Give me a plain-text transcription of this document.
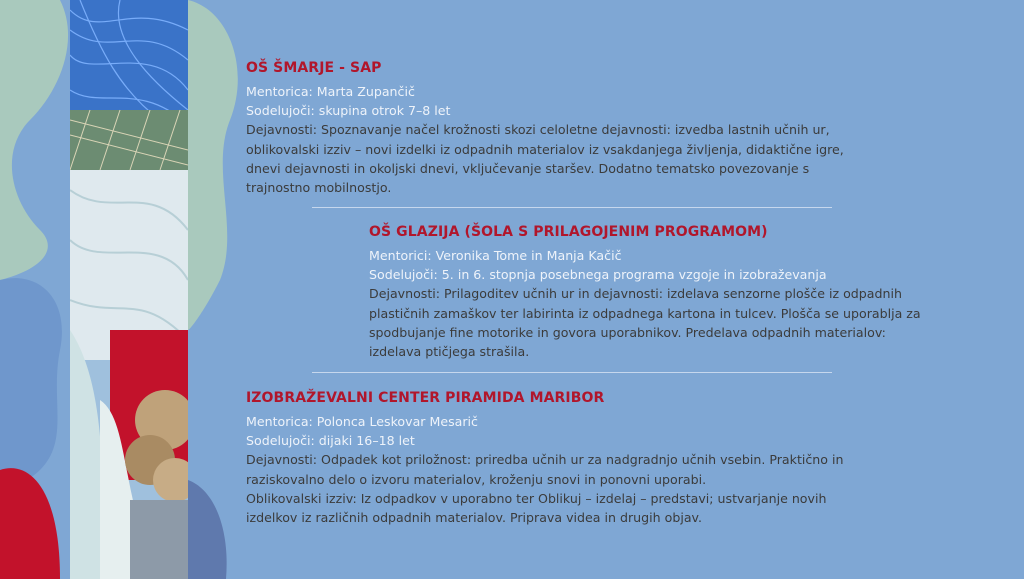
OŠ ŠMARJE - SAP

Mentorica: Marta Zupančič

Sodelujoči: skupina otrok 7–8 let

Dejavnosti: Spoznavanje načel krožnosti skozi celoletne dejavnosti: izvedba lastnih učnih ur,

oblikovalski izziv – novi izdelki iz odpadnih materialov iz vsakdanjega življenja, didaktične igre,

dnevi dejavnosti in okoljski dnevi, vključevanje staršev. Dodatno tematsko povezovanje s

trajnostno mobilnostjo.

OŠ GLAZIJA (ŠOLA S PRILAGOJENIM PROGRAMOM)

Mentorici: Veronika Tome in Manja Kačič

Sodelujoči: 5. in 6. stopnja posebnega programa vzgoje in izobraževanja

Dejavnosti: Prilagoditev učnih ur in dejavnosti: izdelava senzorne plošče iz odpadnih

plastičnih zamaškov ter labirinta iz odpadnega kartona in tulcev. Plošča se uporablja za

spodbujanje fine motorike in govora uporabnikov. Predelava odpadnih materialov:

izdelava ptičjega strašila.

IZOBRAŽEVALNI CENTER PIRAMIDA MARIBOR

Mentorica: Polonca Leskovar Mesarič

Sodelujoči: dijaki 16–18 let

Dejavnosti: Odpadek kot priložnost: priredba učnih ur za nadgradnjo učnih vsebin. Praktično in

raziskovalno delo o izvoru materialov, kroženju snovi in ponovni uporabi.

Oblikovalski izziv: Iz odpadkov v uporabno ter Oblikuj – izdelaj – predstavi; ustvarjanje novih

izdelkov iz različnih odpadnih materialov. Priprava videa in drugih objav.
